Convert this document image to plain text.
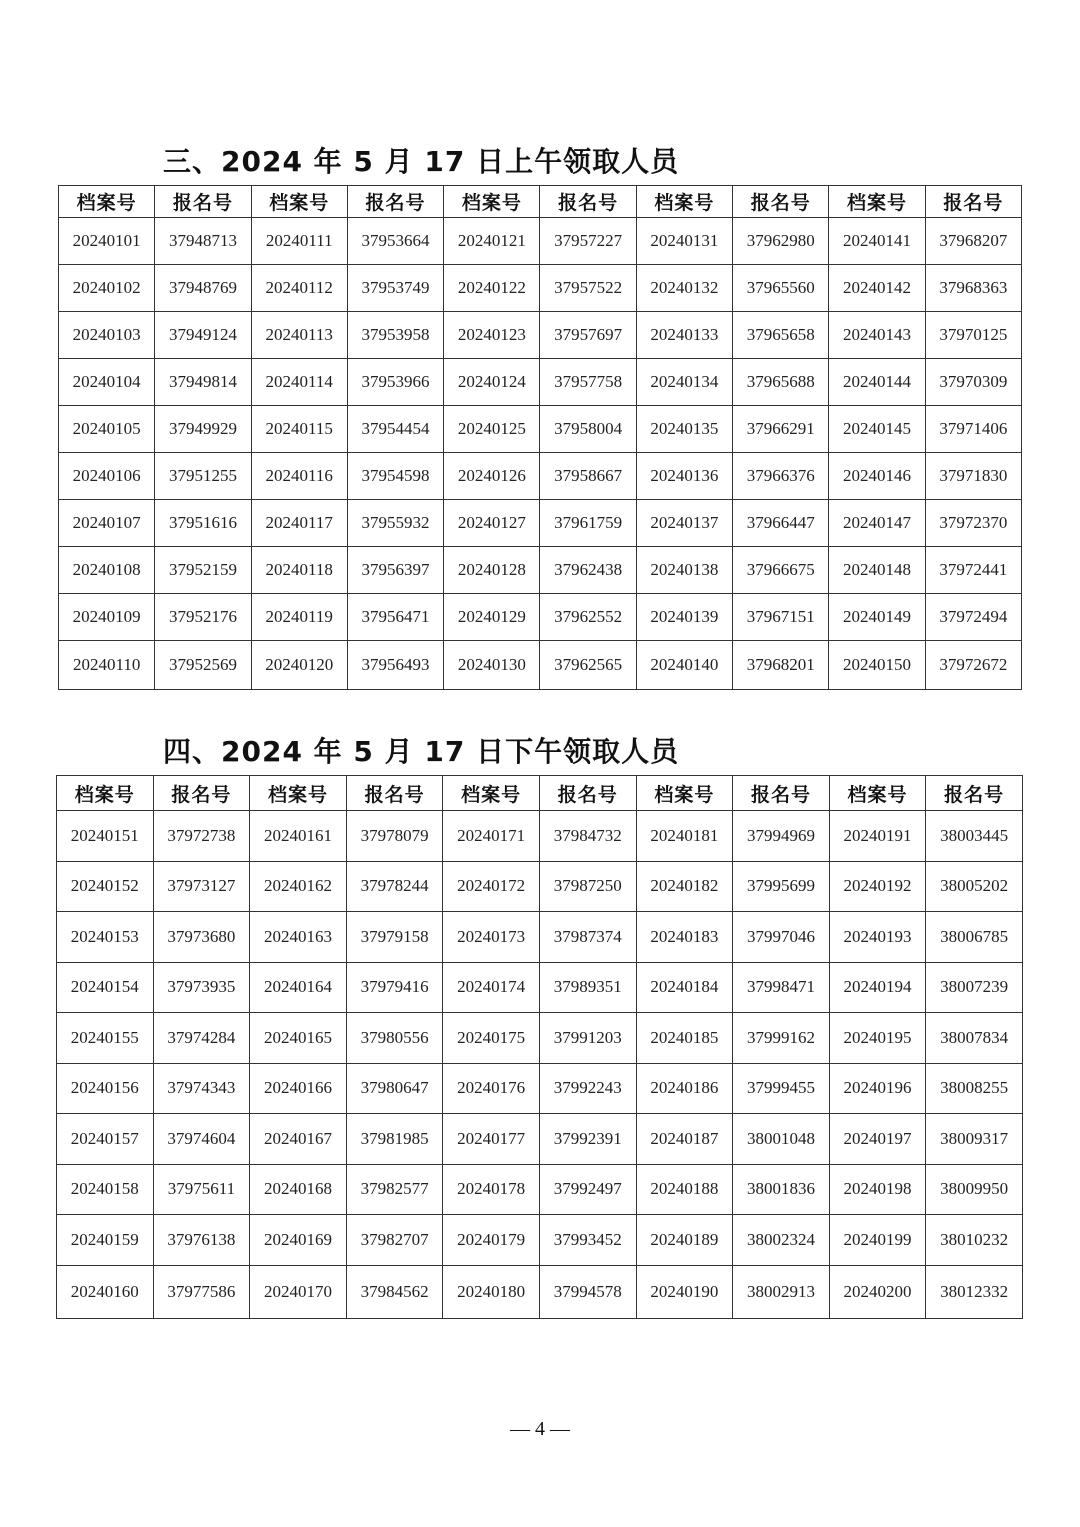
三、2024 年 5 月 17 日上午领取人员
档案号	报名号	档案号	报名号	档案号	报名号	档案号	报名号	档案号	报名号
20240101	37948713	20240111	37953664	20240121	37957227	20240131	37962980	20240141	37968207
20240102	37948769	20240112	37953749	20240122	37957522	20240132	37965560	20240142	37968363
20240103	37949124	20240113	37953958	20240123	37957697	20240133	37965658	20240143	37970125
20240104	37949814	20240114	37953966	20240124	37957758	20240134	37965688	20240144	37970309
20240105	37949929	20240115	37954454	20240125	37958004	20240135	37966291	20240145	37971406
20240106	37951255	20240116	37954598	20240126	37958667	20240136	37966376	20240146	37971830
20240107	37951616	20240117	37955932	20240127	37961759	20240137	37966447	20240147	37972370
20240108	37952159	20240118	37956397	20240128	37962438	20240138	37966675	20240148	37972441
20240109	37952176	20240119	37956471	20240129	37962552	20240139	37967151	20240149	37972494
20240110	37952569	20240120	37956493	20240130	37962565	20240140	37968201	20240150	37972672
四、2024 年 5 月 17 日下午领取人员
档案号	报名号	档案号	报名号	档案号	报名号	档案号	报名号	档案号	报名号
20240151	37972738	20240161	37978079	20240171	37984732	20240181	37994969	20240191	38003445
20240152	37973127	20240162	37978244	20240172	37987250	20240182	37995699	20240192	38005202
20240153	37973680	20240163	37979158	20240173	37987374	20240183	37997046	20240193	38006785
20240154	37973935	20240164	37979416	20240174	37989351	20240184	37998471	20240194	38007239
20240155	37974284	20240165	37980556	20240175	37991203	20240185	37999162	20240195	38007834
20240156	37974343	20240166	37980647	20240176	37992243	20240186	37999455	20240196	38008255
20240157	37974604	20240167	37981985	20240177	37992391	20240187	38001048	20240197	38009317
20240158	37975611	20240168	37982577	20240178	37992497	20240188	38001836	20240198	38009950
20240159	37976138	20240169	37982707	20240179	37993452	20240189	38002324	20240199	38010232
20240160	37977586	20240170	37984562	20240180	37994578	20240190	38002913	20240200	38012332
— 4 —
